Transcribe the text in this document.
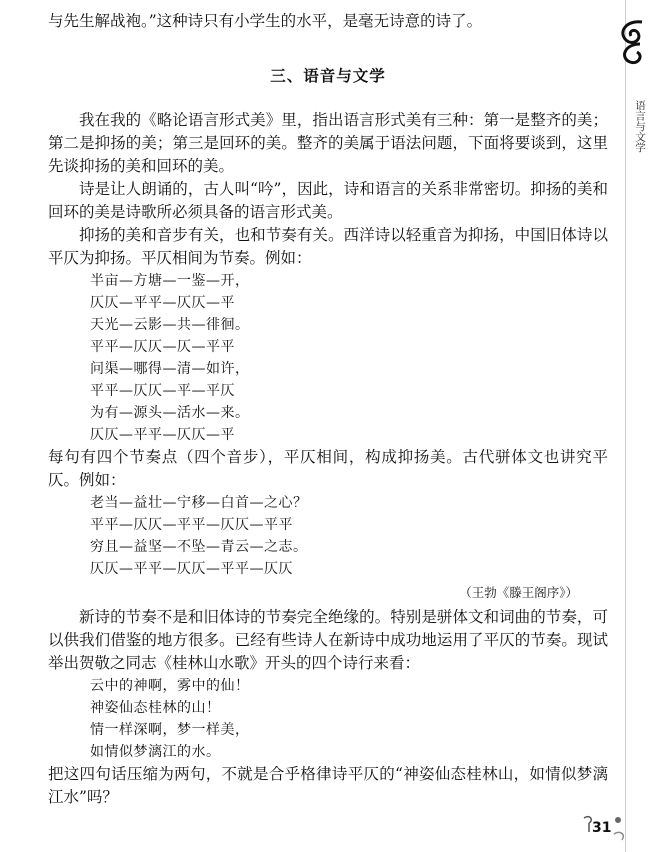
与先生解战袍。”这种诗只有小学生的水平，是毫无诗意的诗了。

三、语音与文学

我在我的《略论语言形式美》里，指出语言形式美有三种：第一是整齐的美；第二是抑扬的美；第三是回环的美。整齐的美属于语法问题，下面将要谈到，这里先谈抑扬的美和回环的美。

诗是让人朗诵的，古人叫“吟”，因此，诗和语言的关系非常密切。抑扬的美和回环的美是诗歌所必须具备的语言形式美。

抑扬的美和音步有关，也和节奏有关。西洋诗以轻重音为抑扬，中国旧体诗以平仄为抑扬。平仄相间为节奏。例如：

半亩—方塘—一鉴—开，
仄仄—平平—仄仄—平
天光—云影—共—徘徊。
平平—仄仄—仄—平平
问渠—哪得—清—如许，
平平—仄仄—平—平仄
为有—源头—活水—来。
仄仄—平平—仄仄—平

每句有四个节奏点（四个音步），平仄相间，构成抑扬美。古代骈体文也讲究平仄。例如：

老当—益壮—宁移—白首—之心？
平平—仄仄—平平—仄仄—平平
穷且—益坚—不坠—青云—之志。
仄仄—平平—仄仄—平平—仄仄
（王勃《滕王阁序》）

新诗的节奏不是和旧体诗的节奏完全绝缘的。特别是骈体文和词曲的节奏，可以供我们借鉴的地方很多。已经有些诗人在新诗中成功地运用了平仄的节奏。现试举出贺敬之同志《桂林山水歌》开头的四个诗行来看：

云中的神啊，雾中的仙！
神姿仙态桂林的山！
情一样深啊，梦一样美，
如情似梦漓江的水。

把这四句话压缩为两句，不就是合乎格律诗平仄的“神姿仙态桂林山，如情似梦漓江水”吗？

语言与文学
31
